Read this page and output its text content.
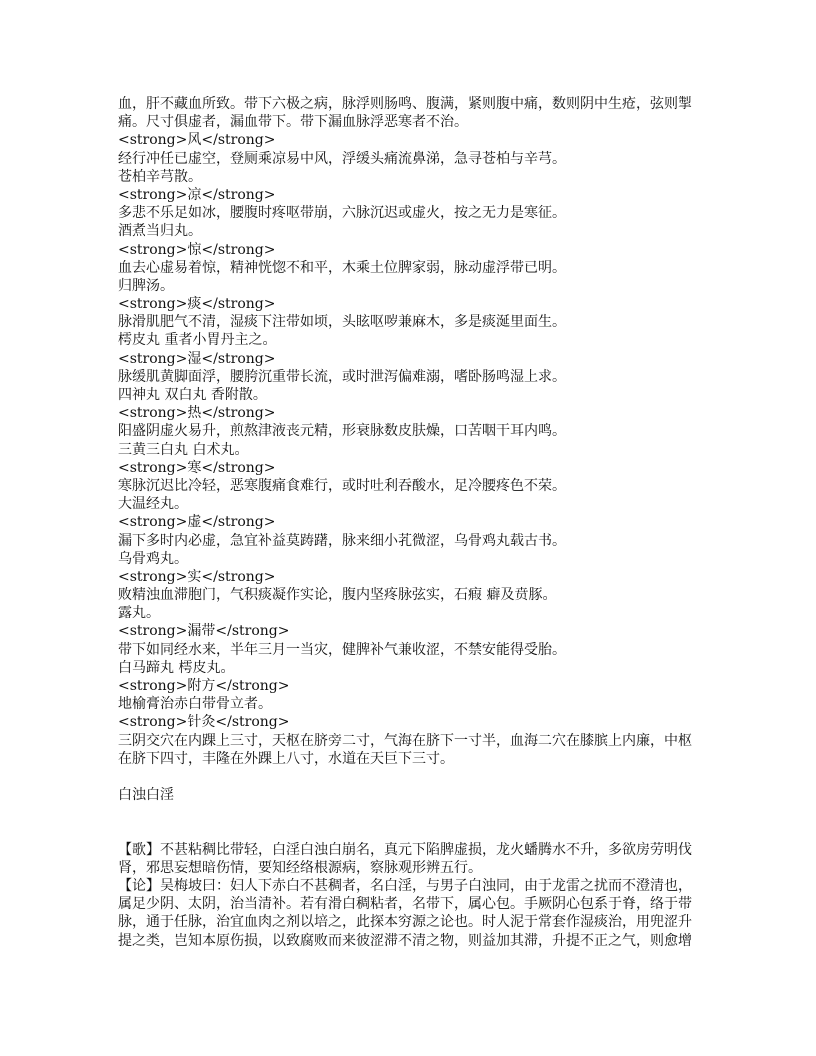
血，肝不藏血所致。带下六极之病，脉浮则肠鸣、腹满，紧则腹中痛，数则阴中生疮，弦则掣
痛。尺寸俱虚者，漏血带下。带下漏血脉浮恶寒者不治。
<strong>风</strong>
经行冲任已虚空，登厕乘凉易中风，浮缓头痛流鼻涕，急寻苍柏与辛芎。
苍柏辛芎散。
<strong>凉</strong>
多悲不乐足如冰，腰腹时疼呕带崩，六脉沉迟或虚火，按之无力是寒征。
酒煮当归丸。
<strong>惊</strong>
血去心虚易着惊，精神恍惚不和平，木乘土位脾家弱，脉动虚浮带已明。
归脾汤。
<strong>痰</strong>
脉滑肌肥气不清，湿痰下注带如顷，头眩呕哕兼麻木，多是痰涎里面生。
樗皮丸 重者小胃丹主之。
<strong>湿</strong>
脉缓肌黄脚面浮，腰胯沉重带长流，或时泄泻偏难溺，嗜卧肠鸣湿上求。
四神丸 双白丸 香附散。
<strong>热</strong>
阳盛阴虚火易升，煎熬津液丧元精，形衰脉数皮肤燥，口苦咽干耳内鸣。
三黄三白丸 白术丸。
<strong>寒</strong>
寒脉沉迟比冷轻，恶寒腹痛食难行，或时吐利吞酸水，足冷腰疼色不荣。
大温经丸。
<strong>虚</strong>
漏下多时内必虚，急宜补益莫踌躇，脉来细小芤微涩，乌骨鸡丸载古书。
乌骨鸡丸。
<strong>实</strong>
败精浊血滞胞门，气积痰凝作实论，腹内坚疼脉弦实，石瘕 癖及贲豚。
露丸。
<strong>漏带</strong>
带下如同经水来，半年三月一当灾，健脾补气兼收涩，不禁安能得受胎。
白马蹄丸 樗皮丸。
<strong>附方</strong>
地榆膏治赤白带骨立者。
<strong>针灸</strong>
三阴交穴在内踝上三寸，天枢在脐旁二寸，气海在脐下一寸半，血海二穴在膝膑上内廉，中枢
在脐下四寸，丰隆在外踝上八寸，水道在天巨下三寸。
白浊白淫
【歌】不甚粘稠比带轻，白淫白浊白崩名，真元下陷脾虚损，龙火蟠腾水不升，多欲房劳明伐
肾，邪思妄想暗伤情，要知经络根源病，察脉观形辨五行。
【论】吴梅坡曰：妇人下赤白不甚稠者，名白淫，与男子白浊同，由于龙雷之扰而不澄清也，
属足少阴、太阴，治当清补。若有滑白稠粘者，名带下，属心包。手厥阴心包系于脊，络于带
脉，通于任脉，治宜血肉之剂以培之，此探本穷源之论也。时人泥于常套作湿痰治，用兜涩升
提之类，岂知本原伤损，以致腐败而来彼涩滞不清之物，则益加其滞，升提不正之气，则愈增
